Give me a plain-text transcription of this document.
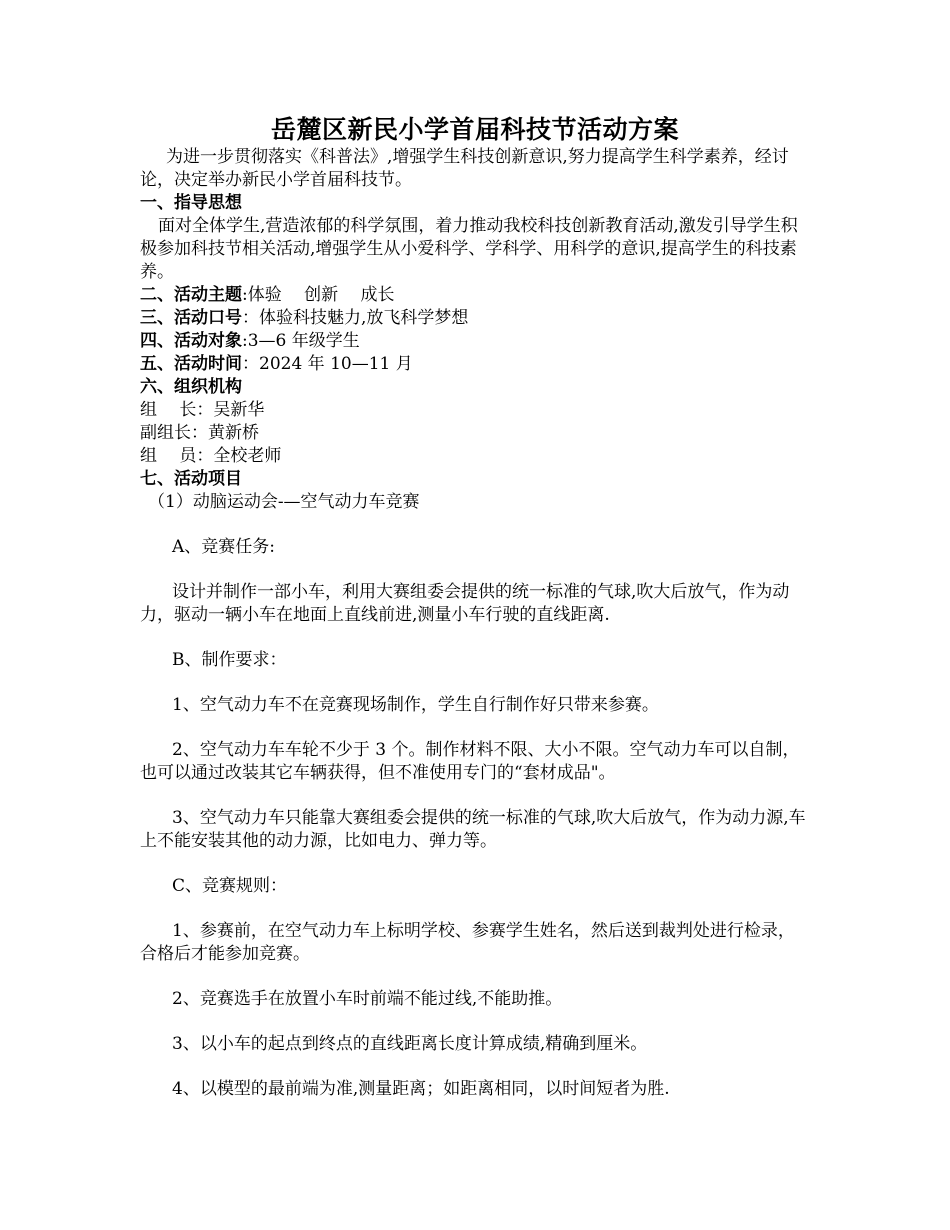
岳麓区新民小学首届科技节活动方案

为进一步贯彻落实《科普法》,增强学生科技创新意识,努力提高学生科学素养，经讨论，决定举办新民小学首届科技节。

一、指导思想

面对全体学生,营造浓郁的科学氛围，着力推动我校科技创新教育活动,激发引导学生积极参加科技节相关活动,增强学生从小爱科学、学科学、用科学的意识,提高学生的科技素养。

二、活动主题:体验　 创新　 成长

三、活动口号：体验科技魅力,放飞科学梦想

四、活动对象:3—6 年级学生

五、活动时间：2024 年 10—11 月

六、组织机构

组　 长：吴新华

副组长：黄新桥

组　 员：全校老师

七、活动项目

（1）动脑运动会-—空气动力车竞赛

A、竞赛任务:

设计并制作一部小车，利用大赛组委会提供的统一标准的气球,吹大后放气，作为动力，驱动一辆小车在地面上直线前进,测量小车行驶的直线距离.

B、制作要求：

1、空气动力车不在竞赛现场制作，学生自行制作好只带来参赛。

2、空气动力车车轮不少于 3 个。制作材料不限、大小不限。空气动力车可以自制，也可以通过改装其它车辆获得，但不准使用专门的“套材成品"。

3、空气动力车只能靠大赛组委会提供的统一标准的气球,吹大后放气，作为动力源,车上不能安装其他的动力源，比如电力、弹力等。

C、竞赛规则：

1、参赛前，在空气动力车上标明学校、参赛学生姓名，然后送到裁判处进行检录，合格后才能参加竞赛。

2、竞赛选手在放置小车时前端不能过线,不能助推。

3、以小车的起点到终点的直线距离长度计算成绩,精确到厘米。

4、以模型的最前端为准,测量距离；如距离相同，以时间短者为胜.
